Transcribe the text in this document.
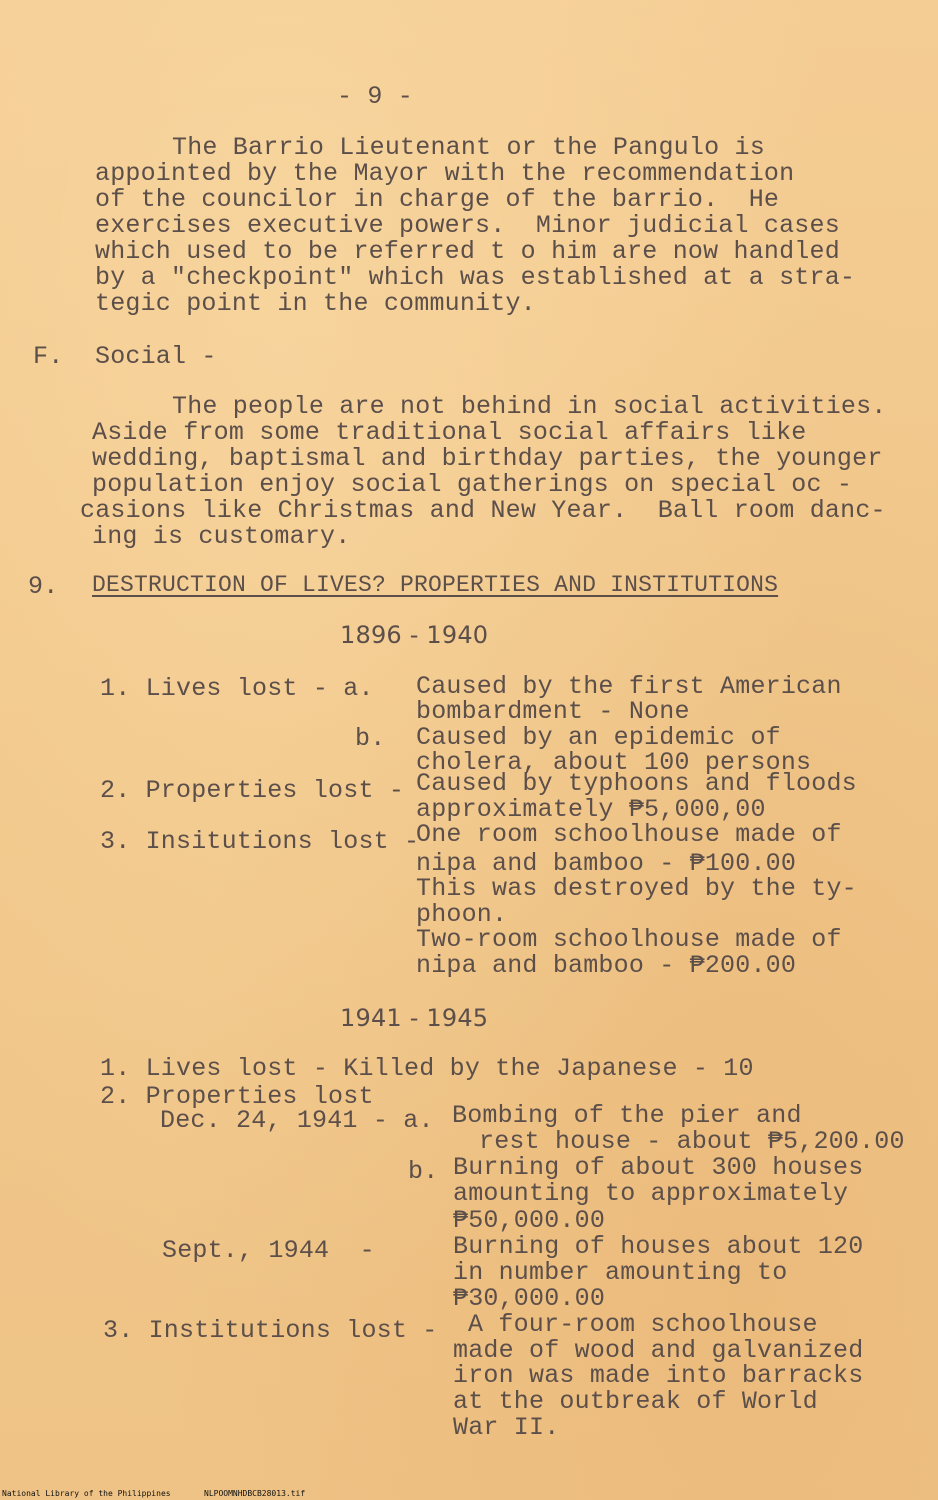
- 9 -
The Barrio Lieutenant or the Pangulo is
appointed by the Mayor with the recommendation
of the councilor in charge of the barrio.  He
exercises executive powers.  Minor judicial cases
which used to be referred t o him are now handled
by a "checkpoint" which was established at a stra-
tegic point in the community.
F. Social -
The people are not behind in social activities.
Aside from some traditional social affairs like
wedding, baptismal and birthday parties, the younger
population enjoy social gatherings on special oc -
casions like Christmas and New Year.  Ball room danc-
ing is customary.
9. DESTRUCTION OF LIVES? PROPERTIES AND INSTITUTIONS
1896 - 1940
1. Lives lost - a. Caused by the first American
bombardment - None
b. Caused by an epidemic of
cholera, about 100 persons
2. Properties lost - Caused by typhoons and floods
approximately ₱5,000,00
3. Insitutions lost -
One room schoolhouse made of
nipa and bamboo - ₱100.00
This was destroyed by the ty-
phoon.
Two-room schoolhouse made of
nipa and bamboo - ₱200.00
1941 - 1945
1. Lives lost - Killed by the Japanese - 10
2. Properties lost
Dec. 24, 1941 - a. Bombing of the pier and
rest house - about ₱5,200.00
b. Burning of about 300 houses
amounting to approximately
₱50,000.00
Sept., 1944  -	Burning of houses about 120
in number amounting to
₱30,000.00
3. Institutions lost - A four-room schoolhouse
made of wood and galvanized
iron was made into barracks
at the outbreak of World
War II.
National Library of the Philippines	NLPOOMNHDBCB28013.tif
